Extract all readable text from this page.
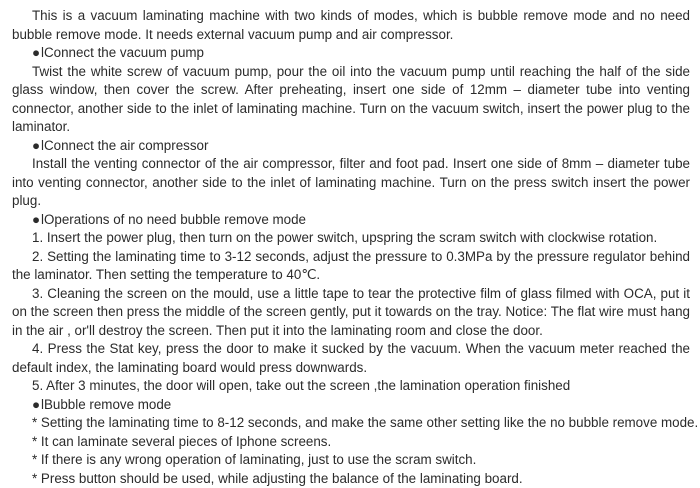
This is a vacuum laminating machine with two kinds of modes, which is bubble remove mode and no need bubble remove mode. It needs external vacuum pump and air compressor.

●lConnect the vacuum pump

Twist the white screw of vacuum pump, pour the oil into the vacuum pump until reaching the half of the side glass window, then cover the screw. After preheating, insert one side of 12mm – diameter tube into venting connector, another side to the inlet of laminating machine. Turn on the vacuum switch, insert the power plug to the laminator.

●lConnect the air compressor

Install the venting connector of the air compressor, filter and foot pad. Insert one side of 8mm – diameter tube into venting connector, another side to the inlet of laminating machine. Turn on the press switch insert the power plug.

●lOperations of no need bubble remove mode

1. Insert the power plug, then turn on the power switch, upspring the scram switch with clockwise rotation.

2. Setting the laminating time to 3-12 seconds, adjust the pressure to 0.3MPa by the pressure regulator behind the laminator. Then setting the temperature to 40℃.

3. Cleaning the screen on the mould, use a little tape to tear the protective film of glass filmed with OCA, put it on the screen then press the middle of the screen gently, put it towards on the tray. Notice: The flat wire must hang in the air , or'll destroy the screen. Then put it into the laminating room and close the door.

4. Press the Stat key, press the door to make it sucked by the vacuum. When the vacuum meter reached the default index, the laminating board would press downwards.

5. After 3 minutes, the door will open, take out the screen ,the lamination operation finished

●lBubble remove mode

* Setting the laminating time to 8-12 seconds, and make the same other setting like the no bubble remove mode.

* It can laminate several pieces of Iphone screens.

* If there is any wrong operation of laminating, just to use the scram switch.

* Press button should be used, while adjusting the balance of the laminating board.
